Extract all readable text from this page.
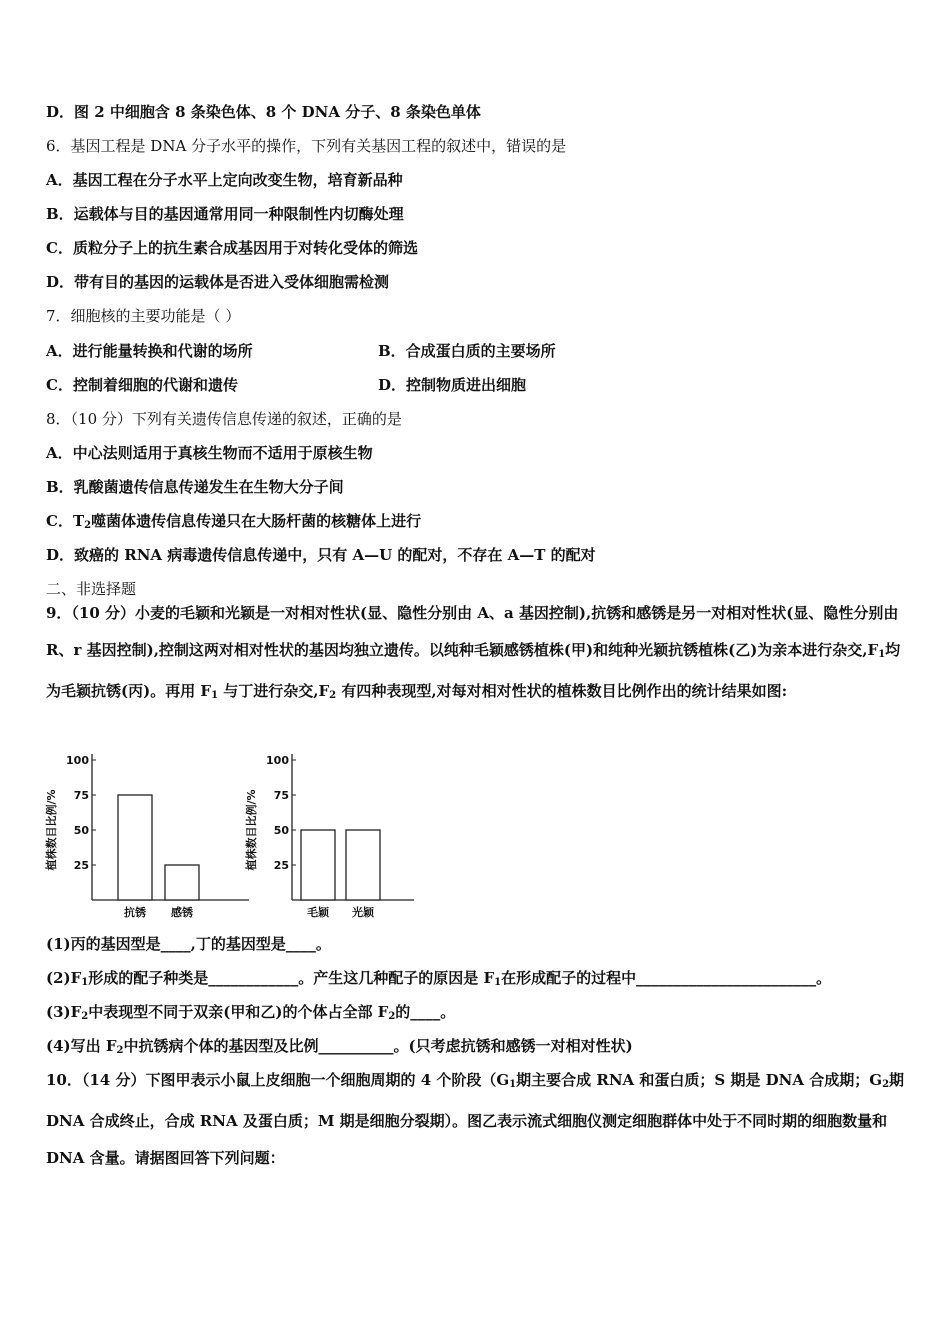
D．图 2 中细胞含 8 条染色体、8 个 DNA 分子、8 条染色单体
6．基因工程是 DNA 分子水平的操作，下列有关基因工程的叙述中，错误的是
A．基因工程在分子水平上定向改变生物，培育新品种
B．运载体与目的基因通常用同一种限制性内切酶处理
C．质粒分子上的抗生素合成基因用于对转化受体的筛选
D．带有目的基因的运载体是否进入受体细胞需检测
7．细胞核的主要功能是（ ）
A．进行能量转换和代谢的场所	B．合成蛋白质的主要场所
C．控制着细胞的代谢和遗传	D．控制物质进出细胞
8．（10 分）下列有关遗传信息传递的叙述，正确的是
A．中心法则适用于真核生物而不适用于原核生物
B．乳酸菌遗传信息传递发生在生物大分子间
C．$T_2$噬菌体遗传信息传递只在大肠杆菌的核糖体上进行
D．致癌的 RNA 病毒遗传信息传递中，只有 A—U 的配对，不存在 A—T 的配对
二、非选择题
9．（10 分）小麦的毛颖和光颖是一对相对性状(显、隐性分别由 A、a 基因控制),抗锈和感锈是另一对相对性状(显、隐性分别由 R、r 基因控制),控制这两对相对性状的基因均独立遗传。以纯种毛颖感锈植株(甲)和纯种光颖抗锈植株(乙)为亲本进行杂交$,F_1$均为毛颖抗锈(丙)。再用 $F_1$ 与丁进行杂交$,F_2$ 有四种表现型,对每对相对性状的植株数目比例作出的统计结果如图:
植株数目比例/% 25
50
75
100
抗锈 感锈
植株数目比例/% 25
50
75
100
毛颖 光颖
(1)丙的基因型是____,丁的基因型是____。
$(2)F_1$形成的配子种类是____________。产生这几种配子的原因是 $F_1$在形成配子的过程中________________________。
$(3)F_2$中表现型不同于双亲(甲和乙)的个体占全部 $F_2$的____。
(4)写出 $F_2$中抗锈病个体的基因型及比例__________。(只考虑抗锈和感锈一对相对性状)
10．（14 分）下图甲表示小鼠上皮细胞一个细胞周期的 4 个阶段（$G_1$期主要合成 RNA 和蛋白质；S 期是 DNA 合成期；$G_2$期 DNA 合成终止，合成 RNA 及蛋白质；M 期是细胞分裂期）。图乙表示流式细胞仪测定细胞群体中处于不同时期的细胞数量和 DNA 含量。请据图回答下列问题：
